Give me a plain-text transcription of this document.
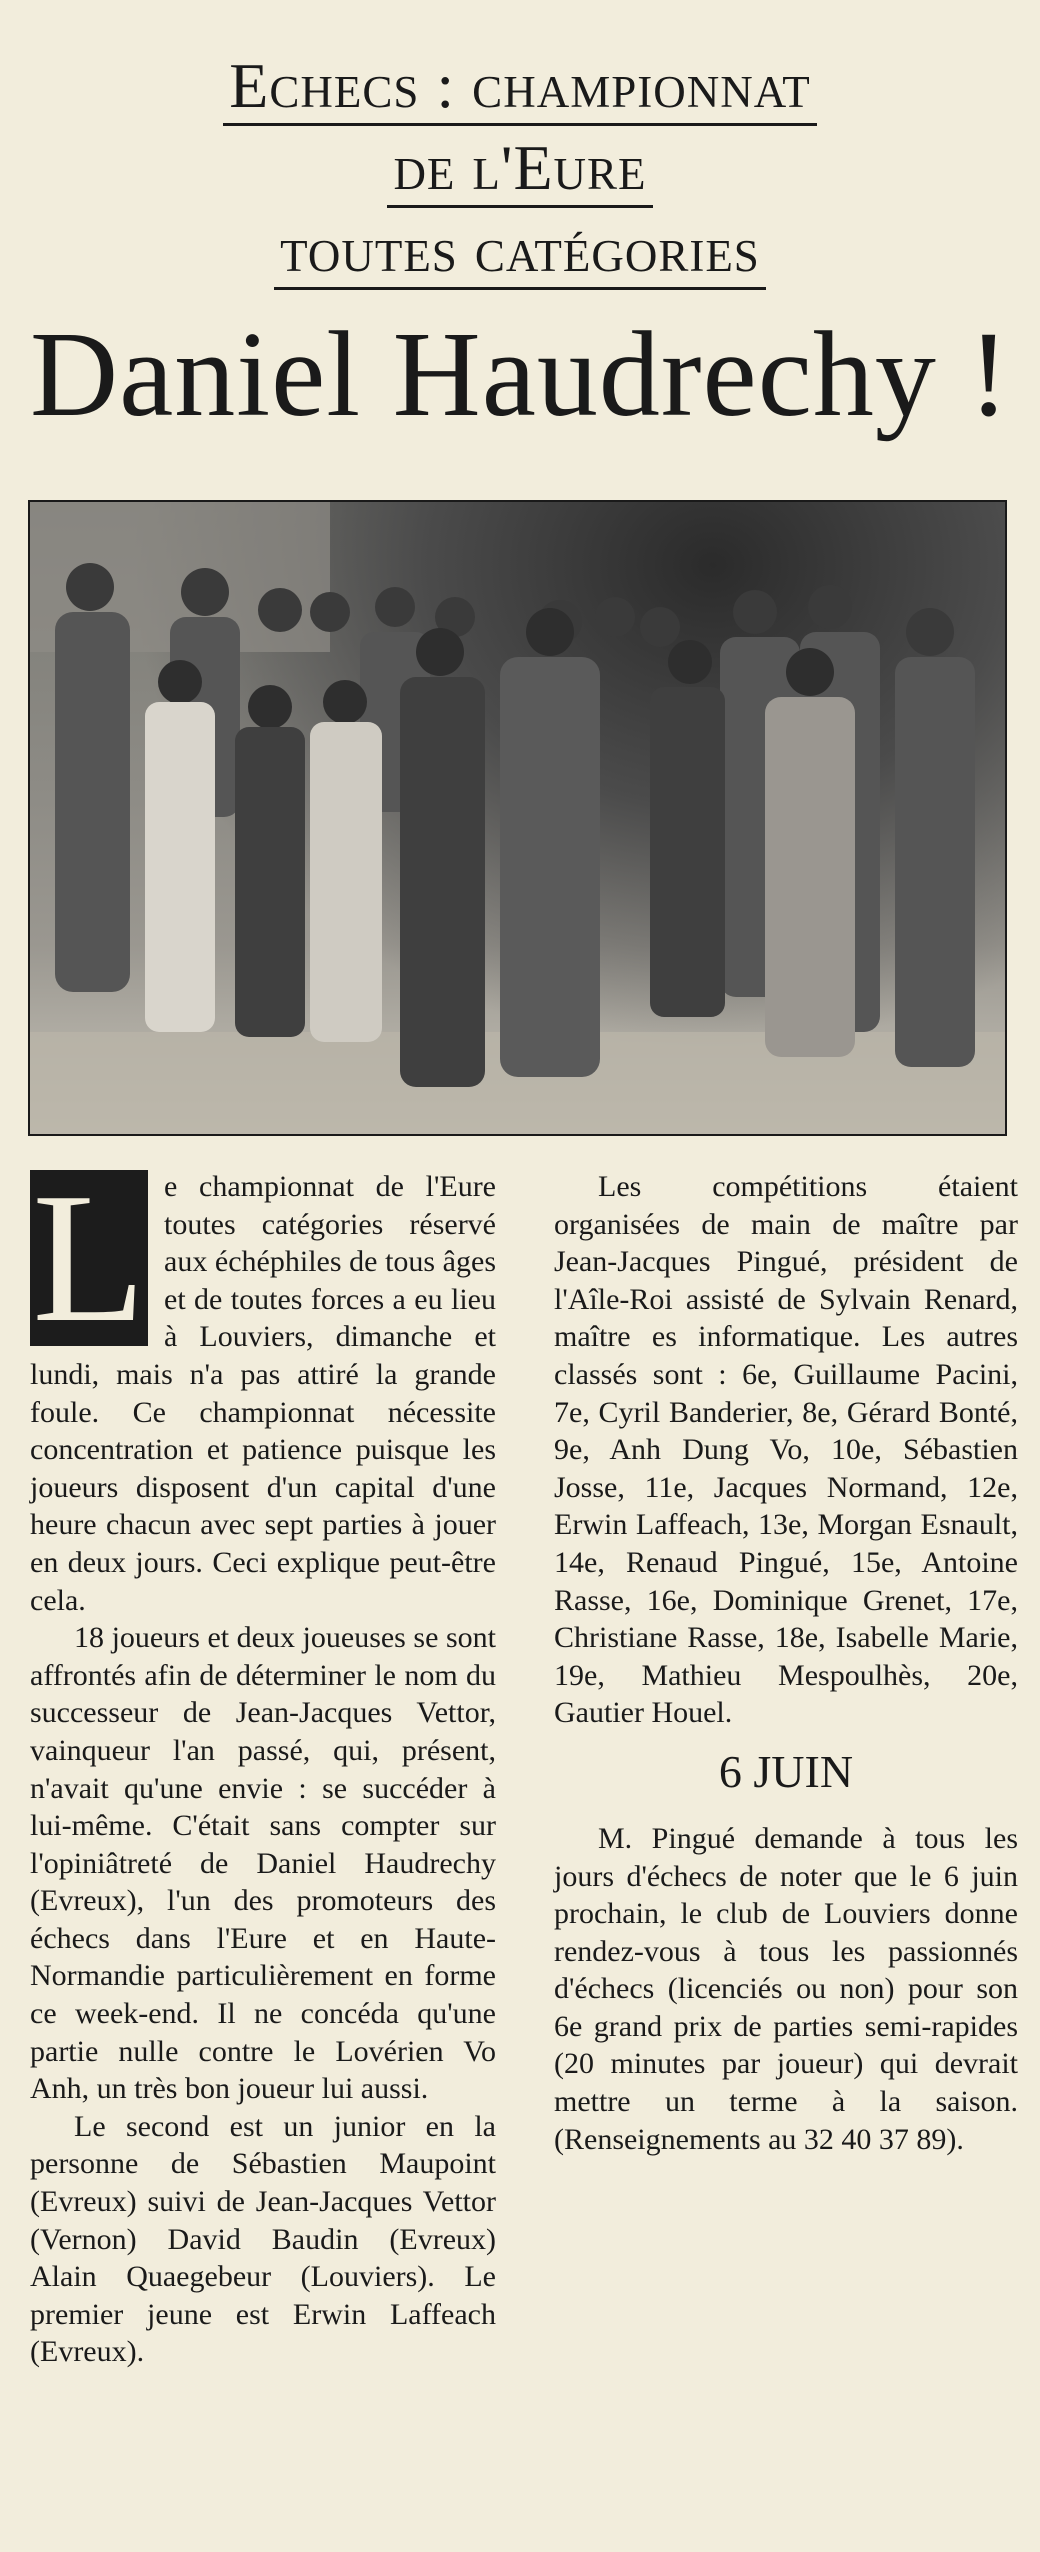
Echecs : championnat
de l'Eure
toutes catégories
Daniel Haudrechy !

L e championnat de l'Eure toutes catégories réservé aux échéphiles de tous âges et de toutes forces a eu lieu à Louviers, dimanche et lundi, mais n'a pas attiré la grande foule. Ce championnat nécessite concentration et patience puisque les joueurs disposent d'un capital d'une heure chacun avec sept parties à jouer en deux jours. Ceci explique peut-être cela.

18 joueurs et deux joueuses se sont affrontés afin de déterminer le nom du successeur de Jean-Jacques Vettor, vainqueur l'an passé, qui, présent, n'avait qu'une envie : se succéder à lui-même. C'était sans compter sur l'opiniâtreté de Daniel Haudrechy (Evreux), l'un des promoteurs des échecs dans l'Eure et en Haute-Normandie particulièrement en forme ce week-end. Il ne concéda qu'une partie nulle contre le Lovérien Vo Anh, un très bon joueur lui aussi.

Le second est un junior en la personne de Sébastien Maupoint (Evreux) suivi de Jean-Jacques Vettor (Vernon) David Baudin (Evreux) Alain Quaegebeur (Louviers). Le premier jeune est Erwin Laffeach (Evreux).

Les compétitions étaient organisées de main de maître par Jean-Jacques Pingué, président de l'Aîle-Roi assisté de Sylvain Renard, maître es informatique. Les autres classés sont : 6e, Guillaume Pacini, 7e, Cyril Banderier, 8e, Gérard Bonté, 9e, Anh Dung Vo, 10e, Sébastien Josse, 11e, Jacques Normand, 12e, Erwin Laffeach, 13e, Morgan Esnault, 14e, Renaud Pingué, 15e, Antoine Rasse, 16e, Dominique Grenet, 17e, Christiane Rasse, 18e, Isabelle Marie, 19e, Mathieu Mespoulhès, 20e, Gautier Houel.

6 JUIN

M. Pingué demande à tous les jours d'échecs de noter que le 6 juin prochain, le club de Louviers donne rendez-vous à tous les passionnés d'échecs (licenciés ou non) pour son 6e grand prix de parties semi-rapides (20 minutes par joueur) qui devrait mettre un terme à la saison. (Renseignements au 32 40 37 89).
